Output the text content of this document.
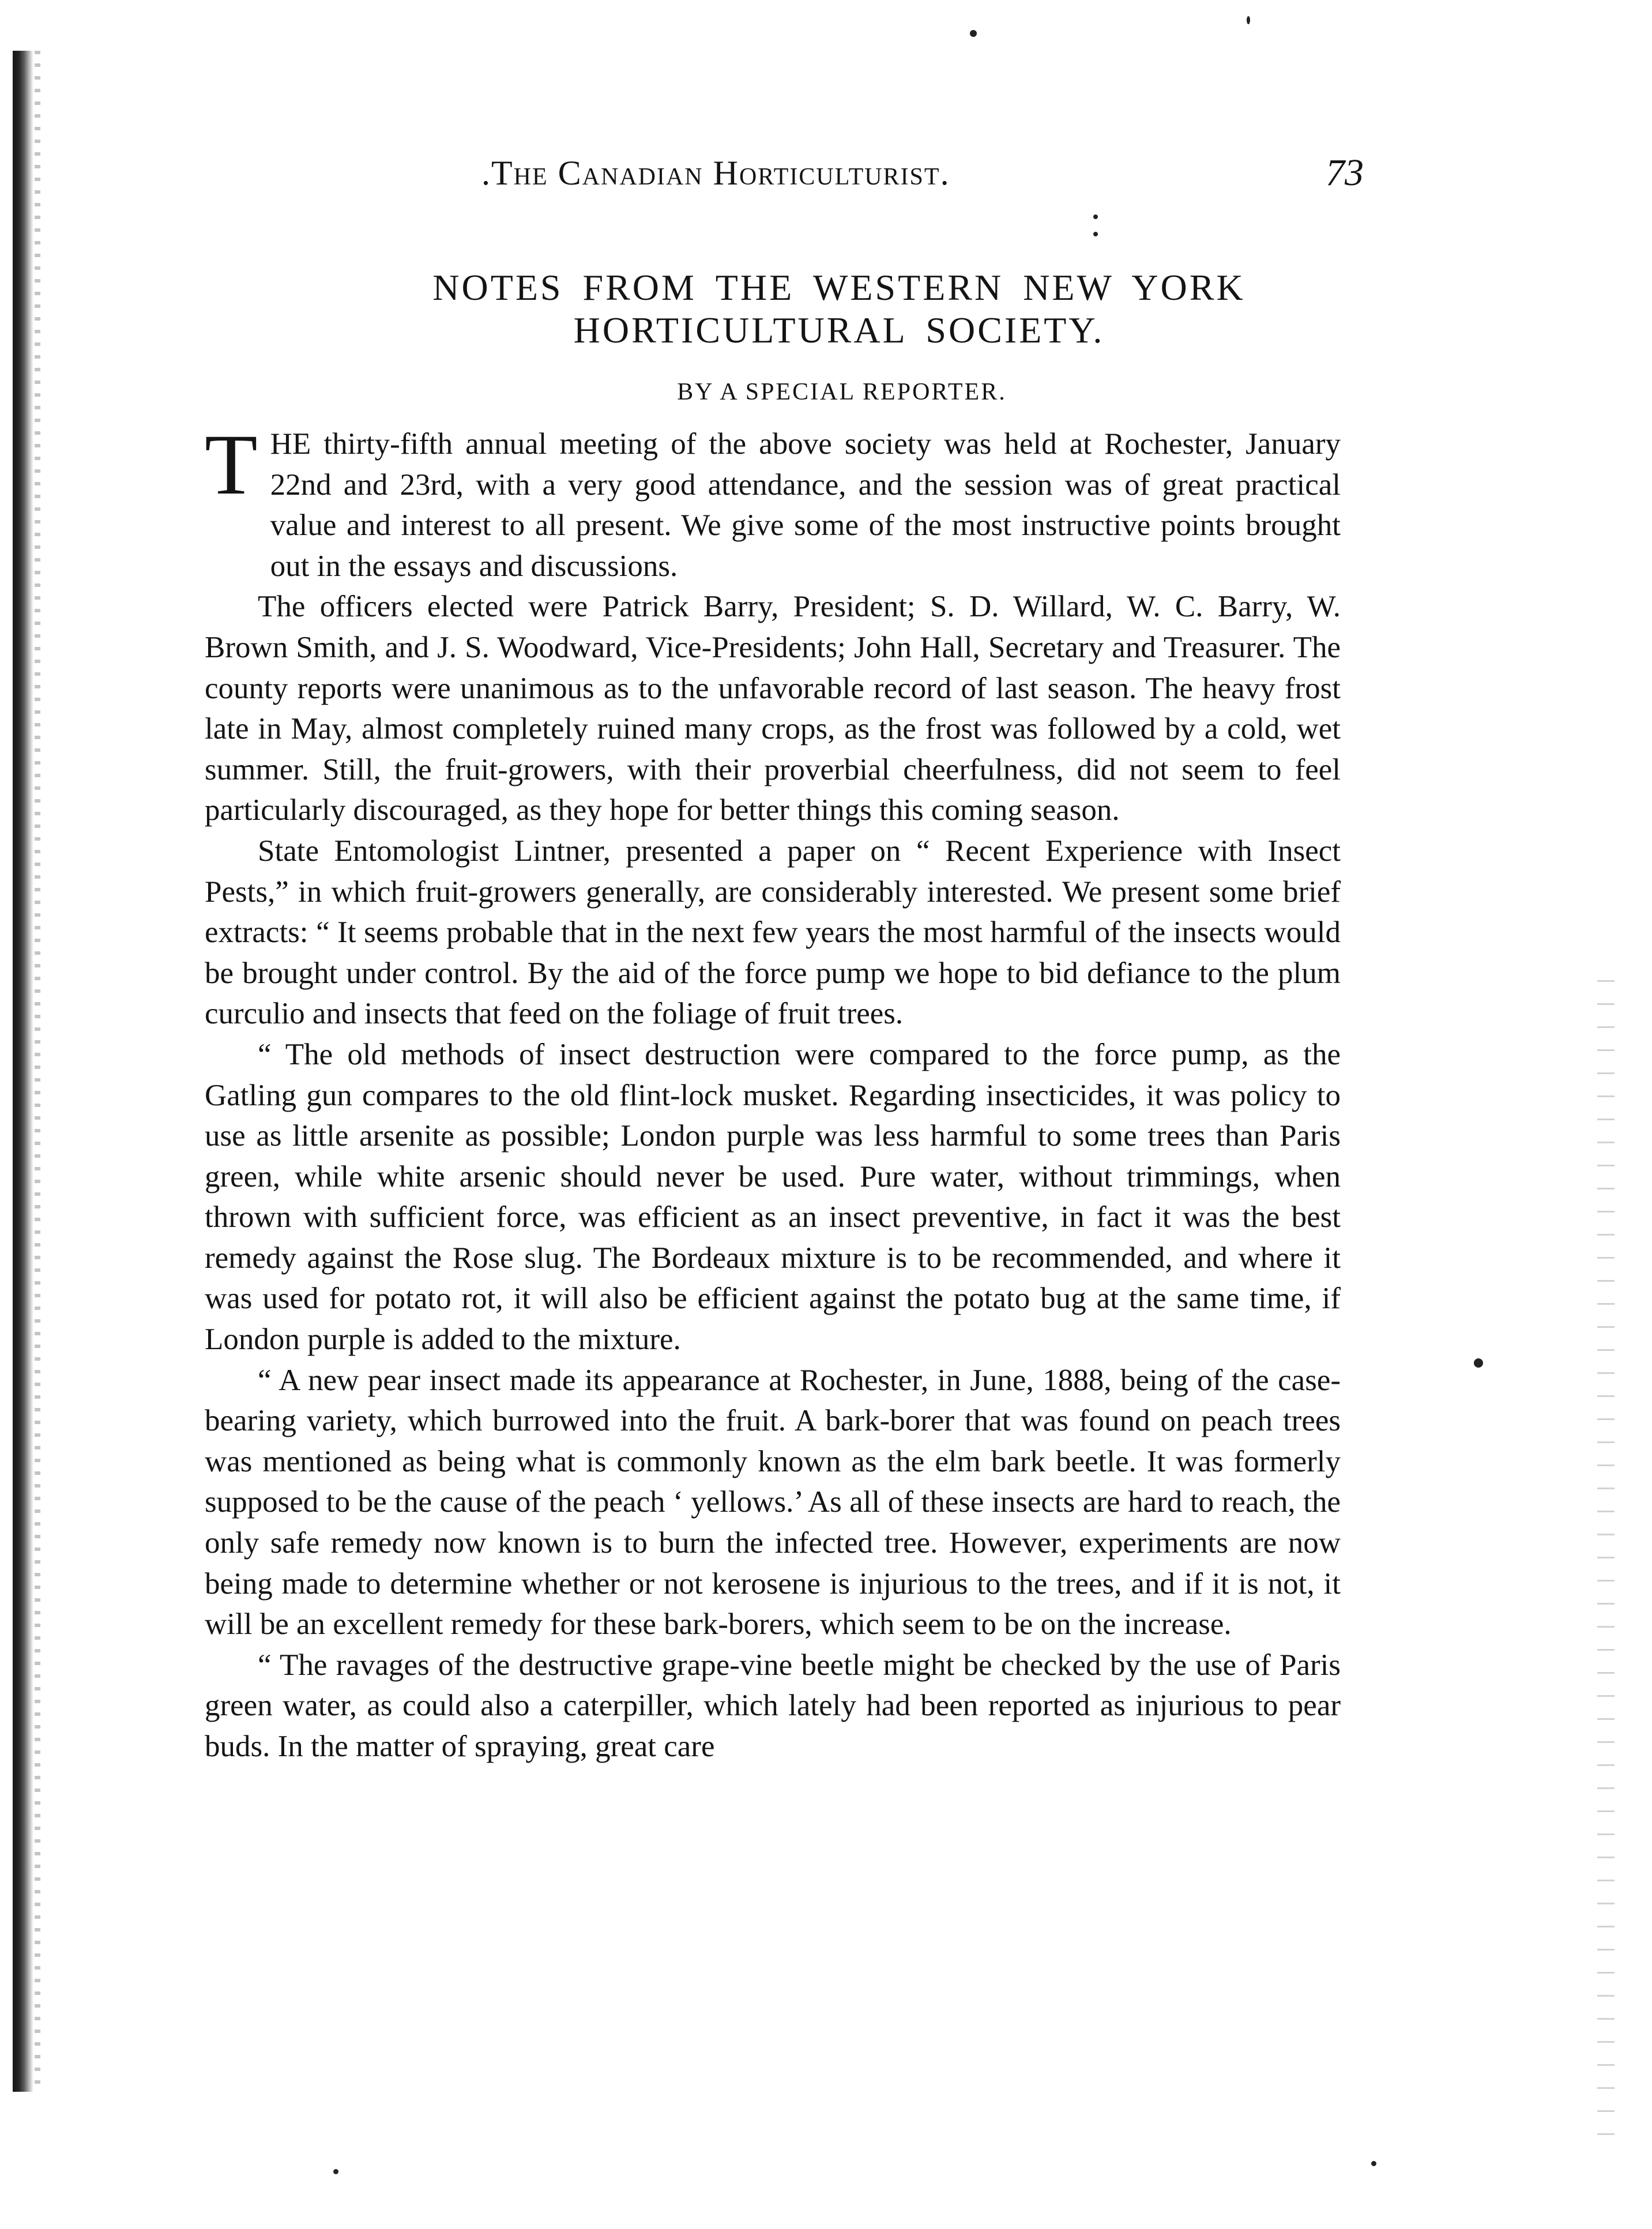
.The Canadian Horticulturist.	73
NOTES FROM THE WESTERN NEW YORK
HORTICULTURAL SOCIETY.
BY A SPECIAL REPORTER.

THE thirty-fifth annual meeting of the above society was held at Rochester, January 22nd and 23rd, with a very good attendance, and the session was of great practical value and interest to all present. We give some of the most instructive points brought out in the essays and discussions.

The officers elected were Patrick Barry, President; S. D. Willard, W. C. Barry, W. Brown Smith, and J. S. Woodward, Vice-Presidents; John Hall, Secretary and Treasurer. The county reports were unanimous as to the unfavorable record of last season. The heavy frost late in May, almost completely ruined many crops, as the frost was followed by a cold, wet summer. Still, the fruit-growers, with their proverbial cheerfulness, did not seem to feel particularly discouraged, as they hope for better things this coming season.

State Entomologist Lintner, presented a paper on “ Recent Experience with Insect Pests,” in which fruit-growers generally, are considerably interested. We present some brief extracts: “ It seems probable that in the next few years the most harmful of the insects would be brought under control. By the aid of the force pump we hope to bid defiance to the plum curculio and insects that feed on the foliage of fruit trees.

“ The old methods of insect destruction were compared to the force pump, as the Gatling gun compares to the old flint-lock musket. Regarding insecticides, it was policy to use as little arsenite as possible; London purple was less harmful to some trees than Paris green, while white arsenic should never be used. Pure water, without trimmings, when thrown with sufficient force, was efficient as an insect preventive, in fact it was the best remedy against the Rose slug. The Bordeaux mixture is to be recommended, and where it was used for potato rot, it will also be efficient against the potato bug at the same time, if London purple is added to the mixture.

“ A new pear insect made its appearance at Rochester, in June, 1888, being of the case-bearing variety, which burrowed into the fruit. A bark-borer that was found on peach trees was mentioned as being what is commonly known as the elm bark beetle. It was formerly supposed to be the cause of the peach ‘ yellows.’ As all of these insects are hard to reach, the only safe remedy now known is to burn the infected tree. However, experiments are now being made to determine whether or not kerosene is injurious to the trees, and if it is not, it will be an excellent remedy for these bark-borers, which seem to be on the increase.

“ The ravages of the destructive grape-vine beetle might be checked by the use of Paris green water, as could also a caterpiller, which lately had been reported as injurious to pear buds. In the matter of spraying, great care
